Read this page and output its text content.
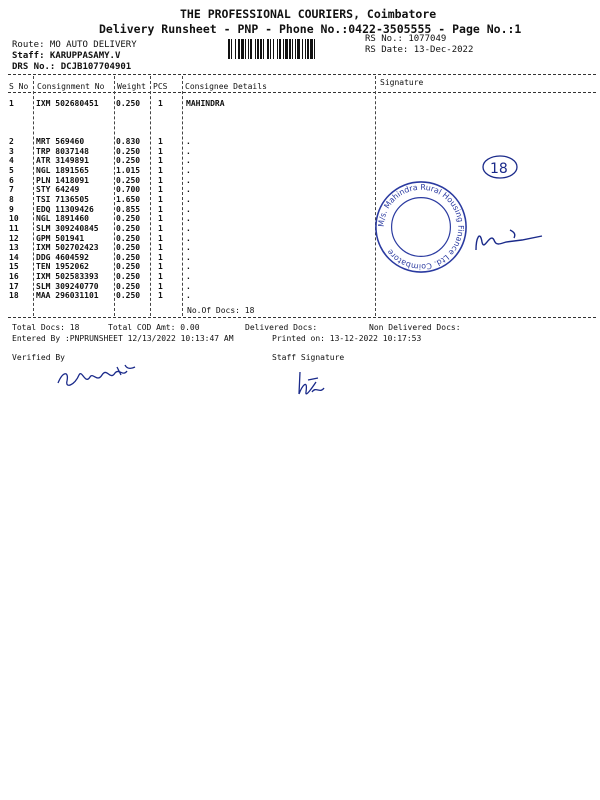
THE PROFESSIONAL COURIERS, Coimbatore
Delivery Runsheet - PNP - Phone No.:0422-3505555 - Page No.:1
Route: MO AUTO DELIVERY
Staff: KARUPPASAMY.V
DRS No.: DCJB107704901
RS No.: 1077049
RS Date: 13-Dec-2022
S No Consignment No Weight PCS Consignee Details	Signature
1	IXM 502680451 0.250 1	MAHINDRA
2	MRT 569460	0.830 1	.
3	TRP 8037148	0.250 1	.
4	ATR 3149891	0.250 1	.
5	NGL 1891565	1.015 1	.
6	PLN 1418091	0.250 1	.
7	STY 64249	0.700 1	.
8	TSI 7136505	1.650 1	.
9	EDQ 11309426	0.855 1	.
10 NGL 1891460	0.250 1	.
11 SLM 309240845 0.250 1	.
12 GPM 501941	0.250 1	.
13 IXM 502702423 0.250 1	.
14 DDG 4604592	0.250 1	.
15 TEN 1952062	0.250 1	.
16 IXM 502583393 0.250 1	.
17 SLM 309240770 0.250 1	.
18 MAA 296031101 0.250 1	.
No.Of Docs: 18
Total Docs: 18	Total COD Amt: 0.00	Delivered Docs:	Non Delivered Docs:
Entered By :PNPRUNSHEET 12/13/2022 10:13:47 AM	Printed on: 13-12-2022 10:17:53
Verified By	Staff Signature
18
M/s. Mahindra Rural Housing Finance Ltd. Coimbatore
